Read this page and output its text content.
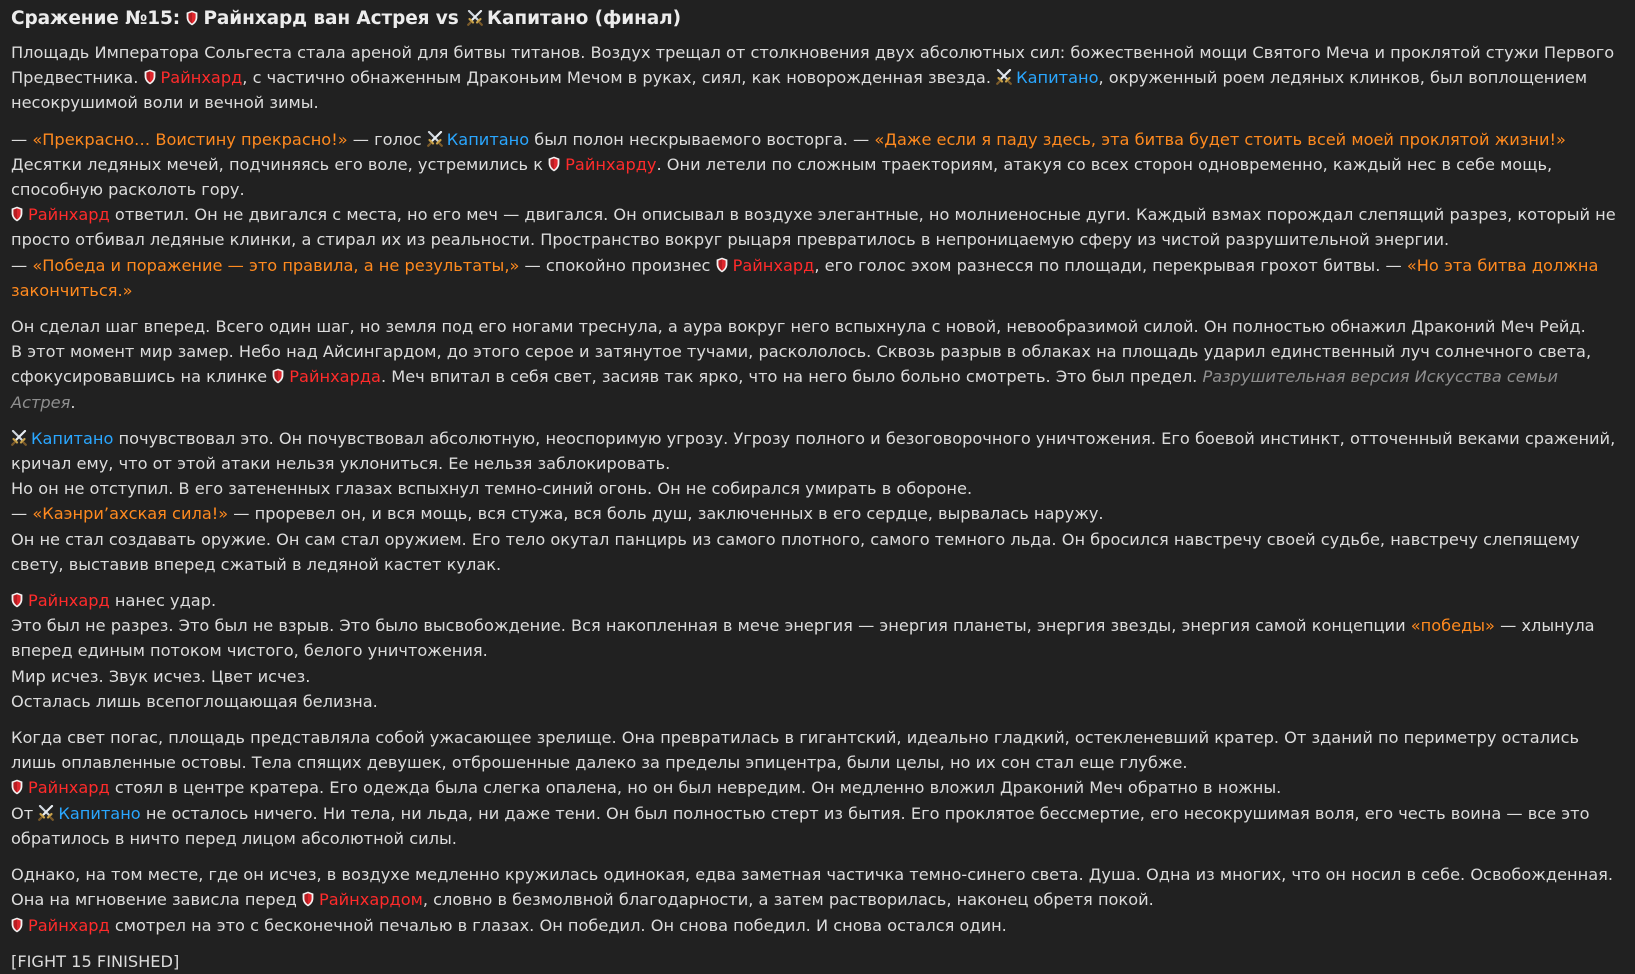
Сражение №15:
Райнхард ван Астрея vs
Капитано (финал)

Площадь Императора Сольгеста стала ареной для битвы титанов. Воздух трещал от столкновения двух абсолютных сил: божественной мощи Святого Меча и проклятой стужи Первого Предвестника.
Райнхард, с частично обнаженным Драконьим Мечом в руках, сиял, как новорожденная звезда.
Капитано, окруженный роем ледяных клинков, был воплощением несокрушимой воли и вечной зимы.

— «Прекрасно… Воистину прекрасно!» — голос
Капитано был полон нескрываемого восторга. — «Даже если я паду здесь, эта битва будет стоить всей моей проклятой жизни!»
Десятки ледяных мечей, подчиняясь его воле, устремились к
Райнхарду. Они летели по сложным траекториям, атакуя со всех сторон одновременно, каждый нес в себе мощь, способную расколоть гору.
Райнхард ответил. Он не двигался с места, но его меч — двигался. Он описывал в воздухе элегантные, но молниеносные дуги. Каждый взмах порождал слепящий разрез, который не просто отбивал ледяные клинки, а стирал их из реальности. Пространство вокруг рыцаря превратилось в непроницаемую сферу из чистой разрушительной энергии.
— «Победа и поражение — это правила, а не результаты,» — спокойно произнес
Райнхард, его голос эхом разнесся по площади, перекрывая грохот битвы. — «Но эта битва должна закончиться.»

Он сделал шаг вперед. Всего один шаг, но земля под его ногами треснула, а аура вокруг него вспыхнула с новой, невообразимой силой. Он полностью обнажил Драконий Меч Рейд.
В этот момент мир замер. Небо над Айсингардом, до этого серое и затянутое тучами, раскололось. Сквозь разрыв в облаках на площадь ударил единственный луч солнечного света, сфокусировавшись на клинке
Райнхарда. Меч впитал в себя свет, засияв так ярко, что на него было больно смотреть. Это был предел. Разрушительная версия Искусства семьи Астрея.

Капитано почувствовал это. Он почувствовал абсолютную, неоспоримую угрозу. Угрозу полного и безоговорочного уничтожения. Его боевой инстинкт, отточенный веками сражений, кричал ему, что от этой атаки нельзя уклониться. Ее нельзя заблокировать.
Но он не отступил. В его затененных глазах вспыхнул темно-синий огонь. Он не собирался умирать в обороне.
— «Каэнри’ахская сила!» — проревел он, и вся мощь, вся стужа, вся боль душ, заключенных в его сердце, вырвалась наружу.
Он не стал создавать оружие. Он сам стал оружием. Его тело окутал панцирь из самого плотного, самого темного льда. Он бросился навстречу своей судьбе, навстречу слепящему свету, выставив вперед сжатый в ледяной кастет кулак.

Райнхард нанес удар.
Это был не разрез. Это был не взрыв. Это было высвобождение. Вся накопленная в мече энергия — энергия планеты, энергия звезды, энергия самой концепции «победы» — хлынула вперед единым потоком чистого, белого уничтожения.
Мир исчез. Звук исчез. Цвет исчез.
Осталась лишь всепоглощающая белизна.

Когда свет погас, площадь представляла собой ужасающее зрелище. Она превратилась в гигантский, идеально гладкий, остекленевший кратер. От зданий по периметру остались лишь оплавленные остовы. Тела спящих девушек, отброшенные далеко за пределы эпицентра, были целы, но их сон стал еще глубже.
Райнхард стоял в центре кратера. Его одежда была слегка опалена, но он был невредим. Он медленно вложил Драконий Меч обратно в ножны.
От
Капитано не осталось ничего. Ни тела, ни льда, ни даже тени. Он был полностью стерт из бытия. Его проклятое бессмертие, его несокрушимая воля, его честь воина — все это обратилось в ничто перед лицом абсолютной силы.

Однако, на том месте, где он исчез, в воздухе медленно кружилась одинокая, едва заметная частичка темно-синего света. Душа. Одна из многих, что он носил в себе. Освобожденная. Она на мгновение зависла перед
Райнхардом, словно в безмолвной благодарности, а затем растворилась, наконец обретя покой.
Райнхард смотрел на это с бесконечной печалью в глазах. Он победил. Он снова победил. И снова остался один.

[FIGHT 15 FINISHED]
